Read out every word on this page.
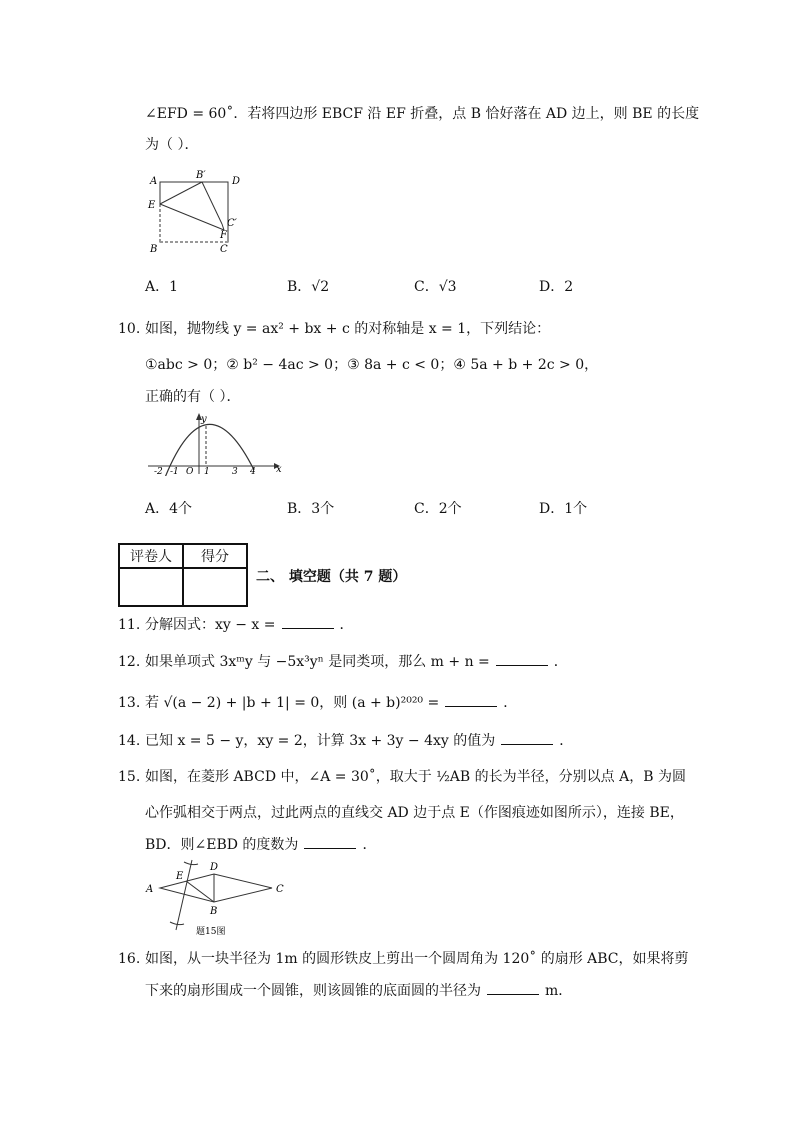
∠EFD = 60˚．若将四边形 EBCF 沿 EF 折叠，点 B 恰好落在 AD 边上，则 BE 的长度
为（ ）．
A
B′
D
E
C′
F
B	C
A．1	B．√2	C．√3	D．2
10. 如图，抛物线 y = ax² + bx + c 的对称轴是 x = 1，下列结论：
①abc > 0；② b² − 4ac > 0；③ 8a + c < 0；④ 5a + b + 2c > 0，
正确的有（ ）．
y
x
-2 -1 O 1 3 4
A．4个	B．3个	C．2个	D．1个
评卷人	得分

二、 填空题（共 7 题）
11. 分解因式：xy − x =	．
12. 如果单项式 3xᵐy 与 −5x³yⁿ 是同类项，那么 m + n =	．
13. 若 √(a − 2) + |b + 1| = 0，则 (a + b)²⁰²⁰ =	．
14. 已知 x = 5 − y，xy = 2，计算 3x + 3y − 4xy 的值为	．
15. 如图，在菱形 ABCD 中，∠A = 30˚，取大于 ½AB 的长为半径，分别以点 A，B 为圆
心作弧相交于两点，过此两点的直线交 AD 边于点 E（作图痕迹如图所示），连接 BE，
BD．则∠EBD 的度数为	．
A
E
D
B
C
题15图
16. 如图，从一块半径为 1m 的圆形铁皮上剪出一个圆周角为 120˚ 的扇形 ABC，如果将剪
下来的扇形围成一个圆锥，则该圆锥的底面圆的半径为	m．
